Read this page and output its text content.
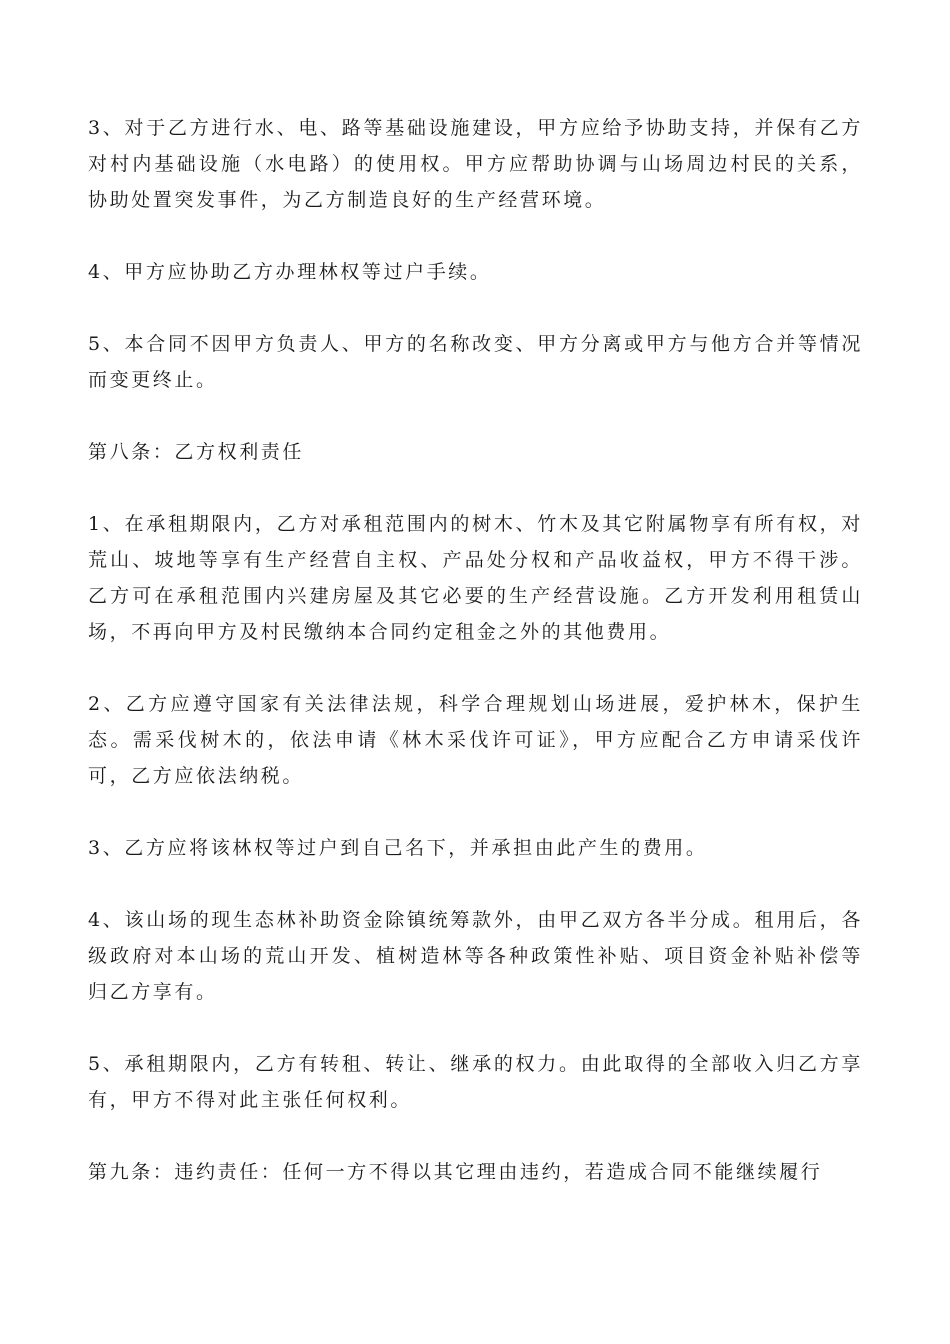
3、对于乙方进行水、电、路等基础设施建设，甲方应给予协助支持，并保有乙方对村内基础设施（水电路）的使用权。甲方应帮助协调与山场周边村民的关系，协助处置突发事件，为乙方制造良好的生产经营环境。

4、甲方应协助乙方办理林权等过户手续。

5、本合同不因甲方负责人、甲方的名称改变、甲方分离或甲方与他方合并等情况而变更终止。

第八条：乙方权利责任

1、在承租期限内，乙方对承租范围内的树木、竹木及其它附属物享有所有权，对荒山、坡地等享有生产经营自主权、产品处分权和产品收益权，甲方不得干涉。乙方可在承租范围内兴建房屋及其它必要的生产经营设施。乙方开发利用租赁山场，不再向甲方及村民缴纳本合同约定租金之外的其他费用。

2、乙方应遵守国家有关法律法规，科学合理规划山场进展，爱护林木，保护生态。需采伐树木的，依法申请《林木采伐许可证》，甲方应配合乙方申请采伐许可，乙方应依法纳税。

3、乙方应将该林权等过户到自己名下，并承担由此产生的费用。

4、该山场的现生态林补助资金除镇统筹款外，由甲乙双方各半分成。租用后，各级政府对本山场的荒山开发、植树造林等各种政策性补贴、项目资金补贴补偿等归乙方享有。

5、承租期限内，乙方有转租、转让、继承的权力。由此取得的全部收入归乙方享有，甲方不得对此主张任何权利。

第九条：违约责任：任何一方不得以其它理由违约，若造成合同不能继续履行
